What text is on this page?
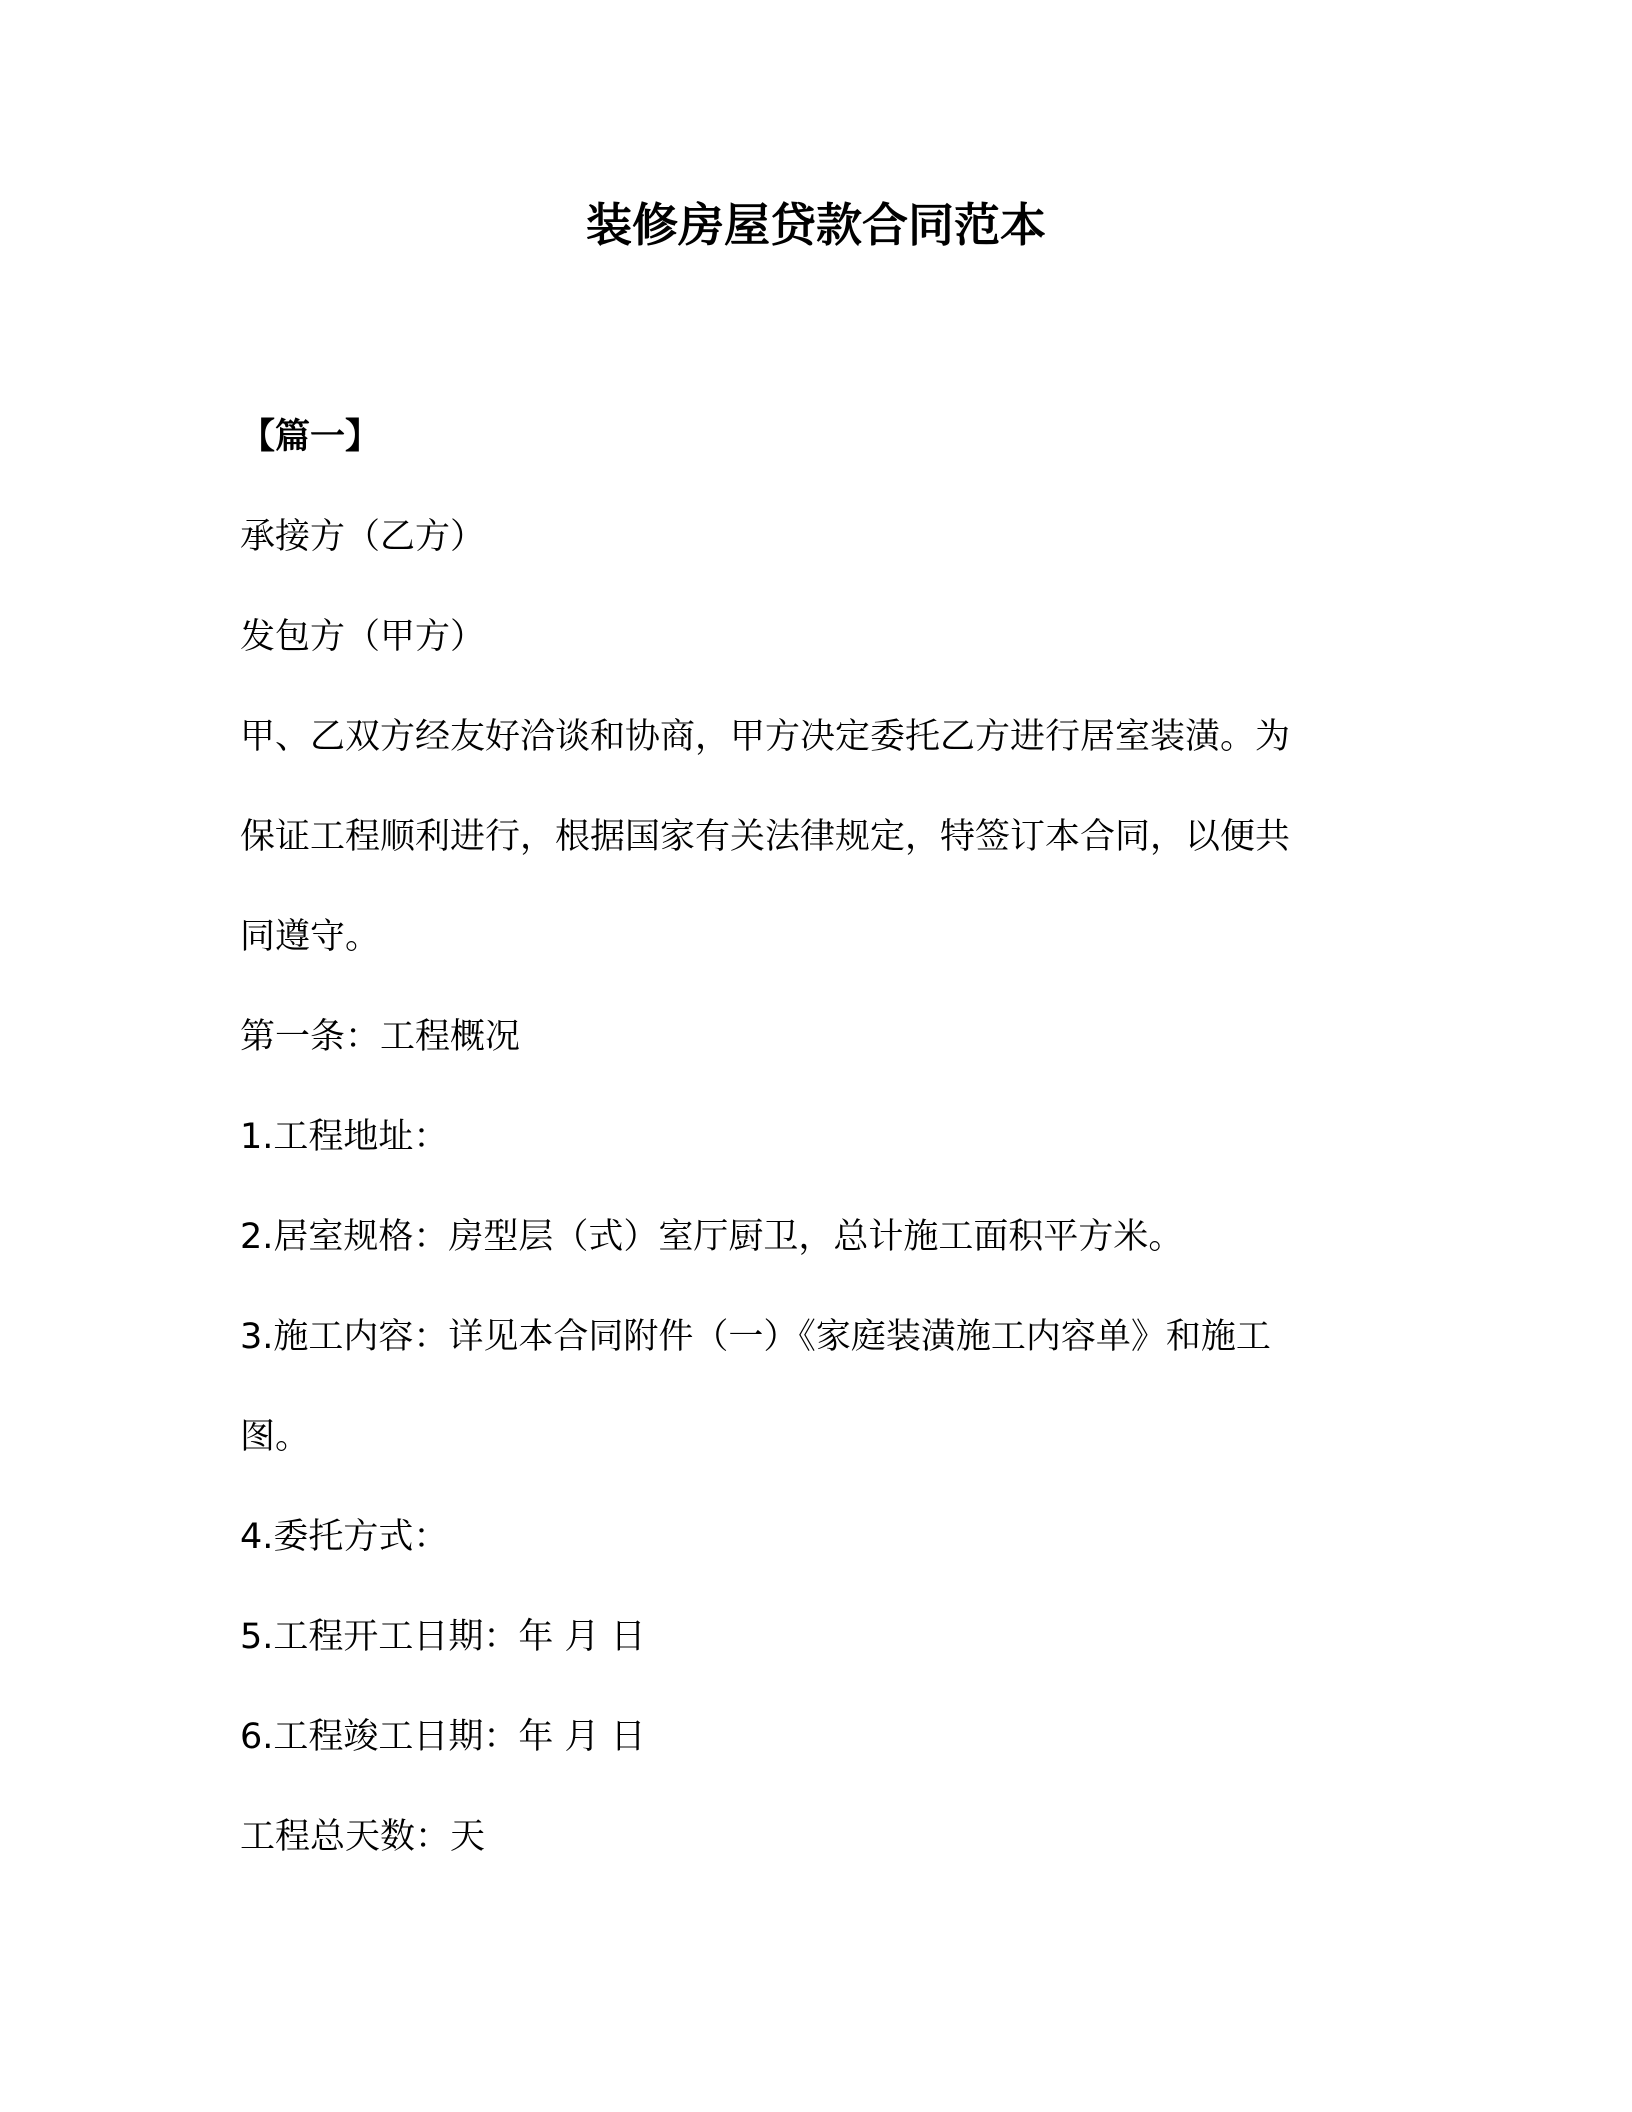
装修房屋贷款合同范本
【篇一】
承接方（乙方）
发包方（甲方）
甲、乙双方经友好洽谈和协商，甲方决定委托乙方进行居室装潢。为
保证工程顺利进行，根据国家有关法律规定，特签订本合同，以便共
同遵守。
第一条：工程概况
1.工程地址：
2.居室规格：房型层（式）室厅厨卫，总计施工面积平方米。
3.施工内容：详见本合同附件（一）《家庭装潢施工内容单》和施工
图。
4.委托方式：
5.工程开工日期：年 月 日
6.工程竣工日期：年 月 日
工程总天数：天
